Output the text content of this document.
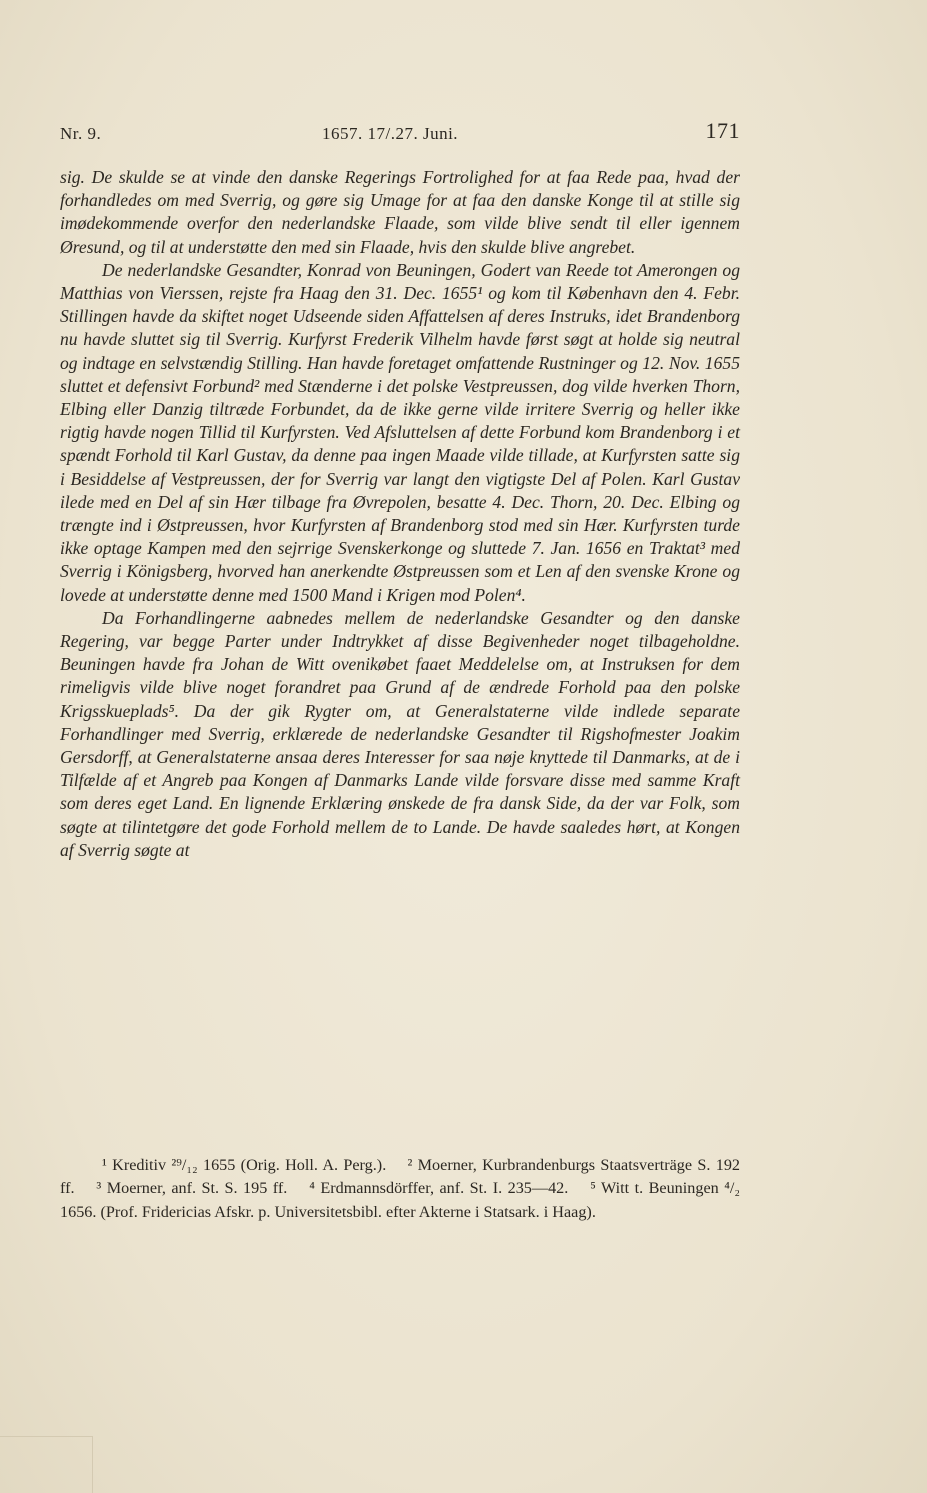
Nr. 9.	1657. 17/.27. Juni.	171

sig. De skulde se at vinde den danske Regerings Fortrolighed for at faa Rede paa, hvad der forhandledes om med Sverrig, og gøre sig Umage for at faa den danske Konge til at stille sig imødekommende overfor den nederlandske Flaade, som vilde blive sendt til eller igennem Øresund, og til at understøtte den med sin Flaade, hvis den skulde blive angrebet.

De nederlandske Gesandter, Konrad von Beuningen, Godert van Reede tot Amerongen og Matthias von Vierssen, rejste fra Haag den 31. Dec. 1655¹ og kom til København den 4. Febr. Stillingen havde da skiftet noget Udseende siden Affattelsen af deres Instruks, idet Brandenborg nu havde sluttet sig til Sverrig. Kurfyrst Frederik Vilhelm havde først søgt at holde sig neutral og indtage en selvstændig Stilling. Han havde foretaget omfattende Rustninger og 12. Nov. 1655 sluttet et defensivt Forbund² med Stænderne i det polske Vestpreussen, dog vilde hverken Thorn, Elbing eller Danzig tiltræde Forbundet, da de ikke gerne vilde irritere Sverrig og heller ikke rigtig havde nogen Tillid til Kurfyrsten. Ved Afsluttelsen af dette Forbund kom Brandenborg i et spændt Forhold til Karl Gustav, da denne paa ingen Maade vilde tillade, at Kurfyrsten satte sig i Besiddelse af Vestpreussen, der for Sverrig var langt den vigtigste Del af Polen. Karl Gustav ilede med en Del af sin Hær tilbage fra Øvrepolen, besatte 4. Dec. Thorn, 20. Dec. Elbing og trængte ind i Østpreussen, hvor Kurfyrsten af Brandenborg stod med sin Hær. Kurfyrsten turde ikke optage Kampen med den sejrrige Svenskerkonge og sluttede 7. Jan. 1656 en Traktat³ med Sverrig i Königsberg, hvorved han anerkendte Østpreussen som et Len af den svenske Krone og lovede at understøtte denne med 1500 Mand i Krigen mod Polen⁴.

Da Forhandlingerne aabnedes mellem de nederlandske Gesandter og den danske Regering, var begge Parter under Indtrykket af disse Begivenheder noget tilbageholdne. Beuningen havde fra Johan de Witt ovenikøbet faaet Meddelelse om, at Instruksen for dem rimeligvis vilde blive noget forandret paa Grund af de ændrede Forhold paa den polske Krigsskueplads⁵. Da der gik Rygter om, at Generalstaterne vilde indlede separate Forhandlinger med Sverrig, erklærede de nederlandske Gesandter til Rigshofmester Joakim Gersdorff, at Generalstaterne ansaa deres Interesser for saa nøje knyttede til Danmarks, at de i Tilfælde af et Angreb paa Kongen af Danmarks Lande vilde forsvare disse med samme Kraft som deres eget Land. En lignende Erklæring ønskede de fra dansk Side, da der var Folk, som søgte at tilintetgøre det gode Forhold mellem de to Lande. De havde saaledes hørt, at Kongen af Sverrig søgte at

¹ Kreditiv ²⁹/₁₂ 1655 (Orig. Holl. A. Perg.). ² Moerner, Kurbrandenburgs Staatsverträge S. 192 ff. ³ Moerner, anf. St. S. 195 ff. ⁴ Erdmannsdörffer, anf. St. I. 235—42. ⁵ Witt t. Beuningen ⁴/₂ 1656. (Prof. Fridericias Afskr. p. Universitetsbibl. efter Akterne i Statsark. i Haag).
